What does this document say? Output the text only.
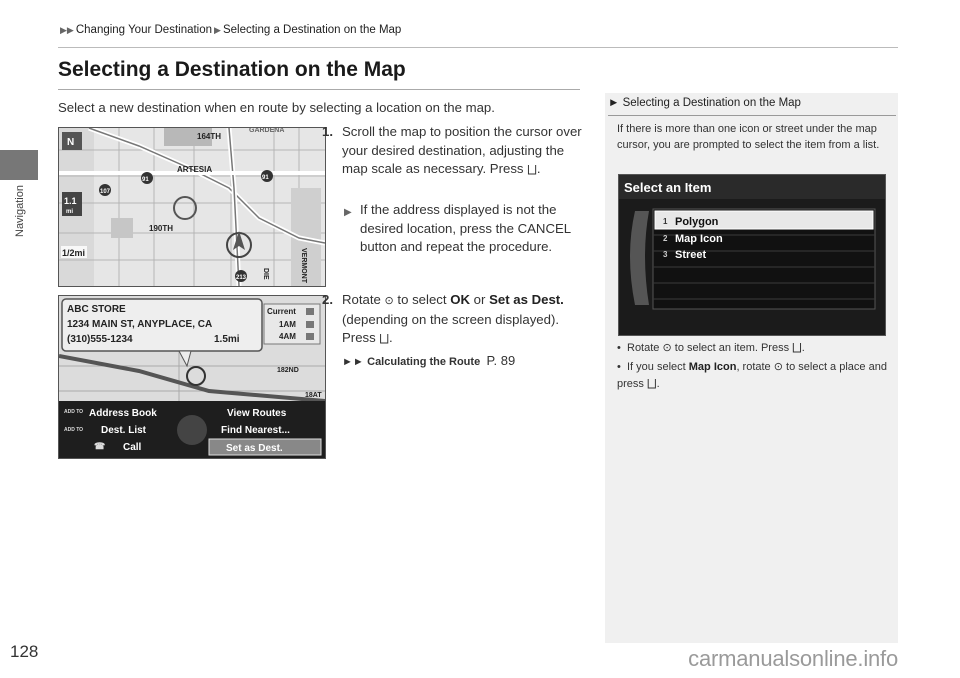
Navigation
▶▶ Changing Your Destination ▶ Selecting a Destination on the Map
Selecting a Destination on the Map
Select a new destination when en route by selecting a location on the map.
164TH
GARDENA
ARTESIA
190TH
VERMONT
DIE
91	91
107
213
N
1.1
mi
1/2mi
1. Scroll the map to position the cursor over your desired destination, adjusting the map scale as necessary. Press ⨆.
▶ If the address displayed is not the desired location, press the CANCEL button and repeat the procedure.
ABC STORE
1234 MAIN ST, ANYPLACE, CA
(310)555-1234	1.5mi
Current
1AM
4AM
182ND
18AT
ADD TO Address Book
ADD TO Dest. List
☎ Call
View Routes
Find Nearest...
Set as Dest.
2. Rotate ⊙ to select OK or Set as Dest. (depending on the screen displayed). Press ⨆.
►► Calculating the Route P. 89
► Selecting a Destination on the Map
If there is more than one icon or street under the map cursor, you are prompted to select the item from a list.
Select an Item
1 Polygon
2 Map Icon
3 Street
• Rotate ⊙ to select an item. Press ⨆.
• If you select Map Icon, rotate ⊙ to select a place and press ⨆.
128	carmanualsonline.info
